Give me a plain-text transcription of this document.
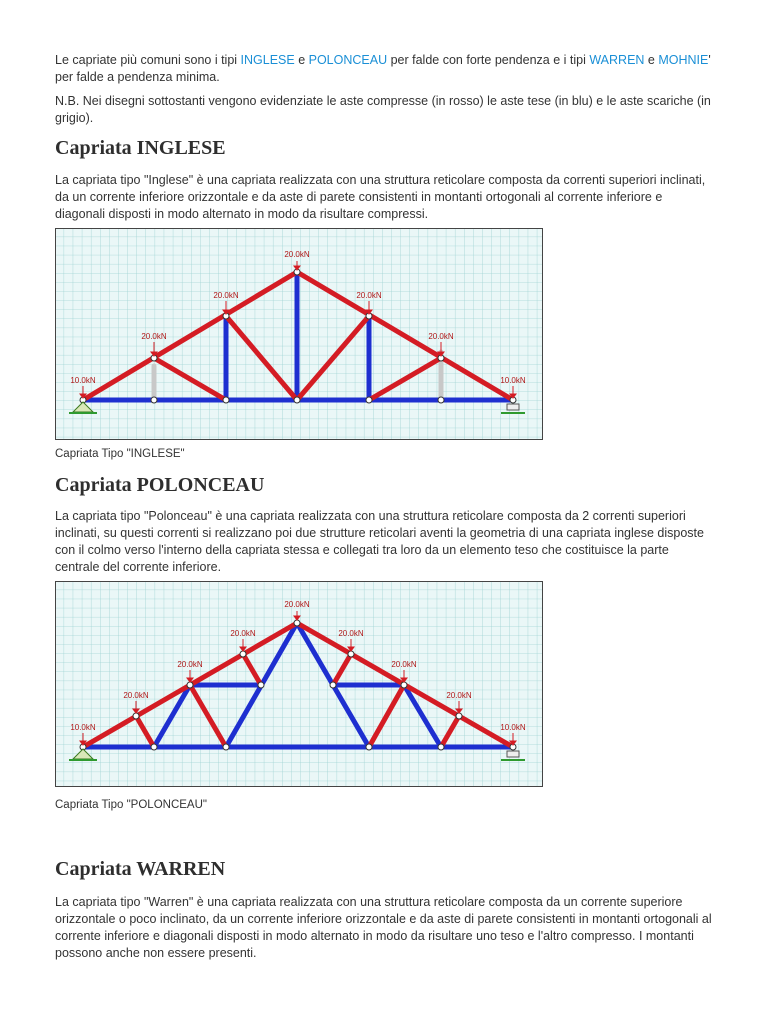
Le capriate più comuni sono i tipi INGLESE e POLONCEAU per falde con forte pendenza e i tipi WARREN e MOHNIE' per falde a pendenza minima.

N.B. Nei disegni sottostanti vengono evidenziate le aste compresse (in rosso) le aste tese (in blu) e le aste scariche (in grigio).

Capriata INGLESE

La capriata tipo "Inglese" è una capriata realizzata con una struttura reticolare composta da correnti superiori inclinati, da un corrente inferiore orizzontale e da aste di parete consistenti in montanti ortogonali al corrente inferiore e diagonali disposti in modo alternato in modo da risultare compressi.

20.0kN
20.0kN	20.0kN
20.0kN	20.0kN
10.0kN	10.0kN

Capriata Tipo "INGLESE"

Capriata POLONCEAU

La capriata tipo "Polonceau" è una capriata realizzata con una struttura reticolare composta da 2 correnti superiori inclinati, su questi correnti si realizzano poi due strutture reticolari aventi la geometria di una capriata inglese disposte con il colmo verso l'interno della capriata stessa e collegati tra loro da un elemento teso che costituisce la parte centrale del corrente inferiore.

20.0kN
20.0kN	20.0kN
20.0kN	20.0kN
20.0kN	20.0kN
10.0kN	10.0kN

Capriata Tipo "POLONCEAU"

Capriata WARREN

La capriata tipo "Warren" è una capriata realizzata con una struttura reticolare composta da un corrente superiore orizzontale o poco inclinato, da un corrente inferiore orizzontale e da aste di parete consistenti in montanti ortogonali al corrente inferiore e diagonali disposti in modo alternato in modo da risultare uno teso e l'altro compresso. I montanti possono anche non essere presenti.
